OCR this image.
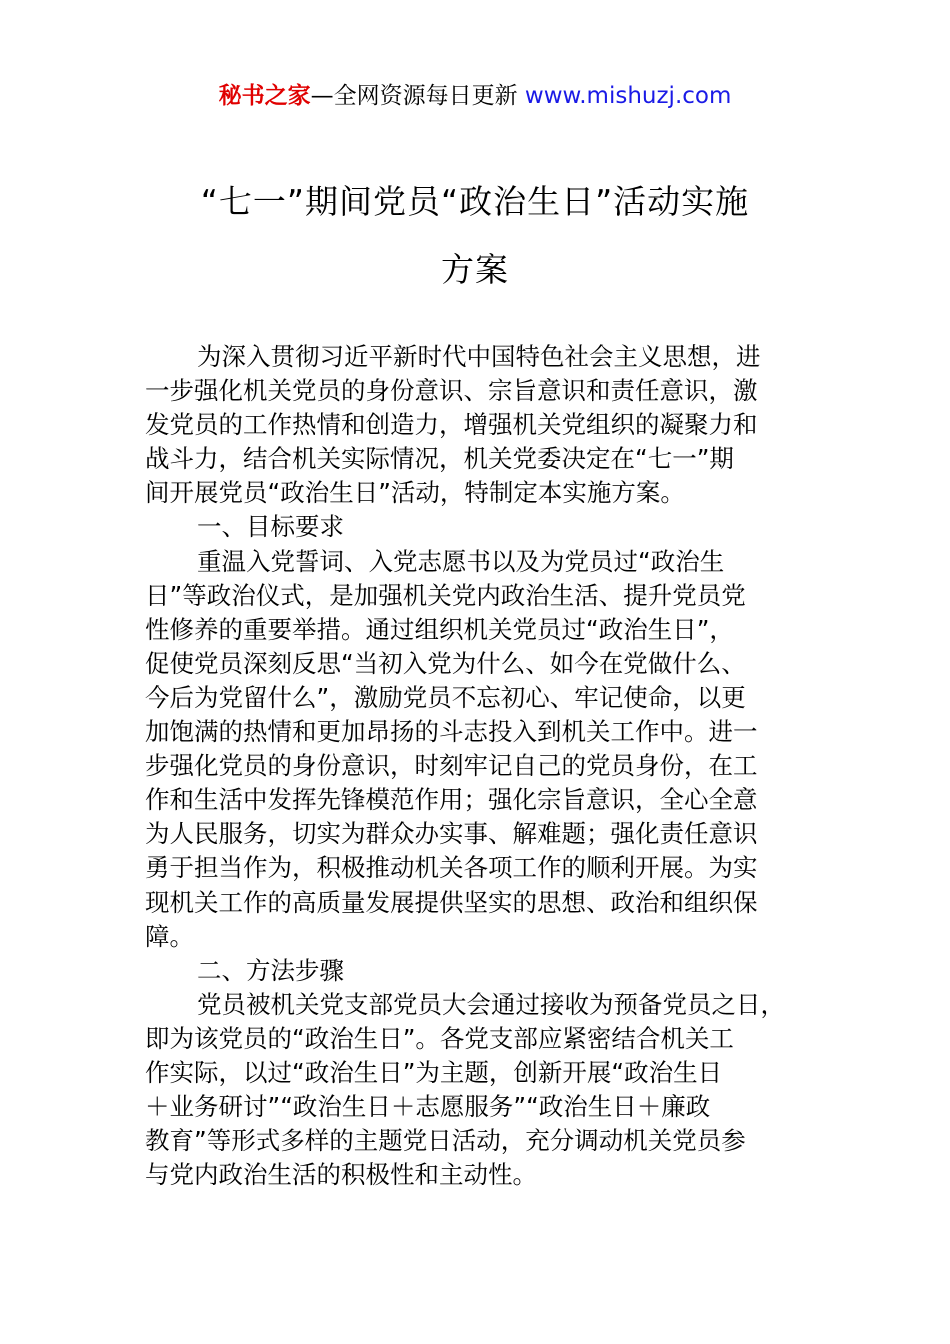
秘书之家—全网资源每日更新 www.mishuzj.com
“七一”期间党员“政治生日”活动实施
方案
为深入贯彻习近平新时代中国特色社会主义思想，进
一步强化机关党员的身份意识、宗旨意识和责任意识，激
发党员的工作热情和创造力，增强机关党组织的凝聚力和
战斗力，结合机关实际情况，机关党委决定在“七一”期
间开展党员“政治生日”活动，特制定本实施方案。
一、目标要求
重温入党誓词、入党志愿书以及为党员过“政治生
日”等政治仪式，是加强机关党内政治生活、提升党员党
性修养的重要举措。通过组织机关党员过“政治生日”，
促使党员深刻反思“当初入党为什么、如今在党做什么、
今后为党留什么”，激励党员不忘初心、牢记使命，以更
加饱满的热情和更加昂扬的斗志投入到机关工作中。进一
步强化党员的身份意识，时刻牢记自己的党员身份，在工
作和生活中发挥先锋模范作用；强化宗旨意识，全心全意
为人民服务，切实为群众办实事、解难题；强化责任意识
勇于担当作为，积极推动机关各项工作的顺利开展。为实
现机关工作的高质量发展提供坚实的思想、政治和组织保
障。
二、方法步骤
党员被机关党支部党员大会通过接收为预备党员之日，
即为该党员的“政治生日”。各党支部应紧密结合机关工
作实际，以过“政治生日”为主题，创新开展“政治生日
＋业务研讨”“政治生日＋志愿服务”“政治生日＋廉政
教育”等形式多样的主题党日活动，充分调动机关党员参
与党内政治生活的积极性和主动性。
